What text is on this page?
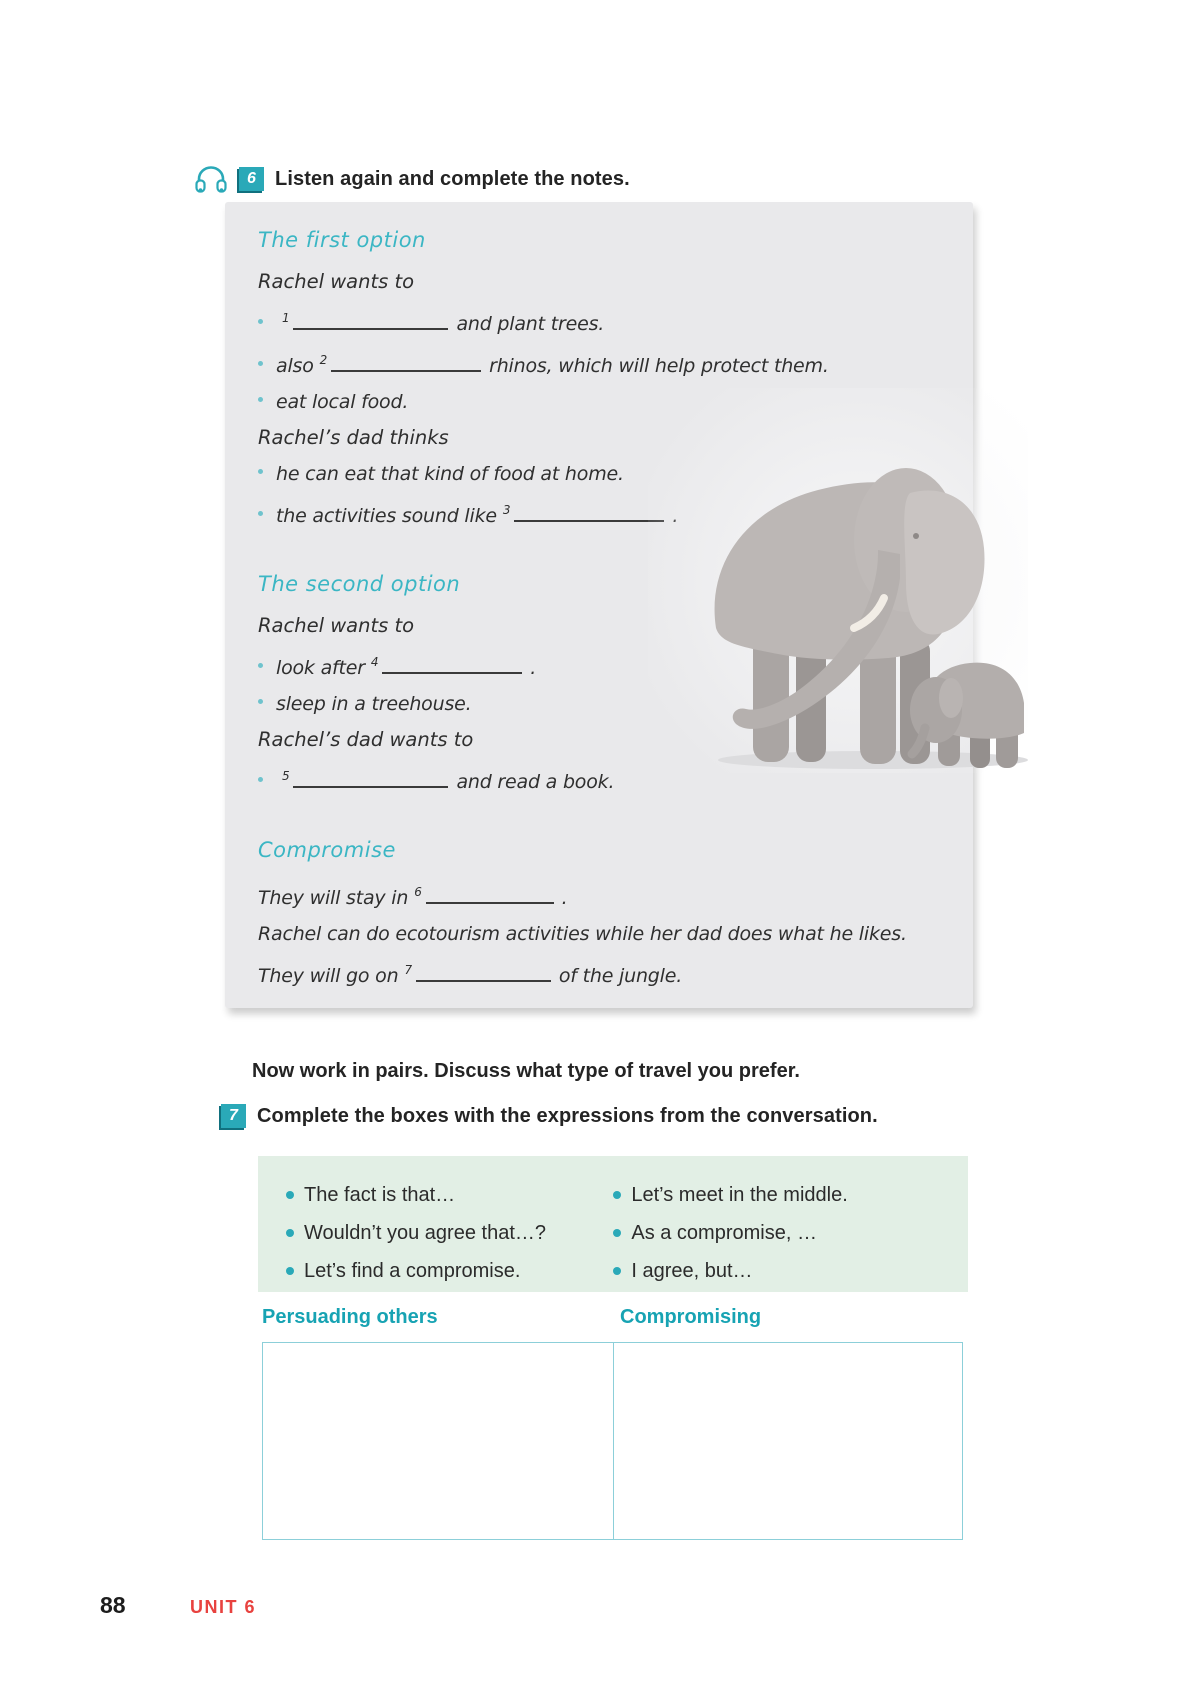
6 Listen again and complete the notes.
The first option
Rachel wants to
$^1$	and plant trees.
also $^2$	rhinos, which will help protect them.
eat local food.
Rachel’s dad thinks
he can eat that kind of food at home.
the activities sound like $^3$
The second option
Rachel wants to
look after $^4$	.
sleep in a treehouse.
Rachel’s dad wants to
$^5$	and read a book.
Compromise
They will stay in $^6$	.
Rachel can do ecotourism activities while her dad does what he likes.
They will go on $^7$	of the jungle.

Now work in pairs. Discuss what type of travel you prefer.

7 Complete the boxes with the expressions from the conversation.
The fact is that…
Wouldn’t you agree that…?
Let’s find a compromise.
Let’s meet in the middle.
As a compromise, …
I agree, but…
Persuading others	Compromising
88	UNIT 6
